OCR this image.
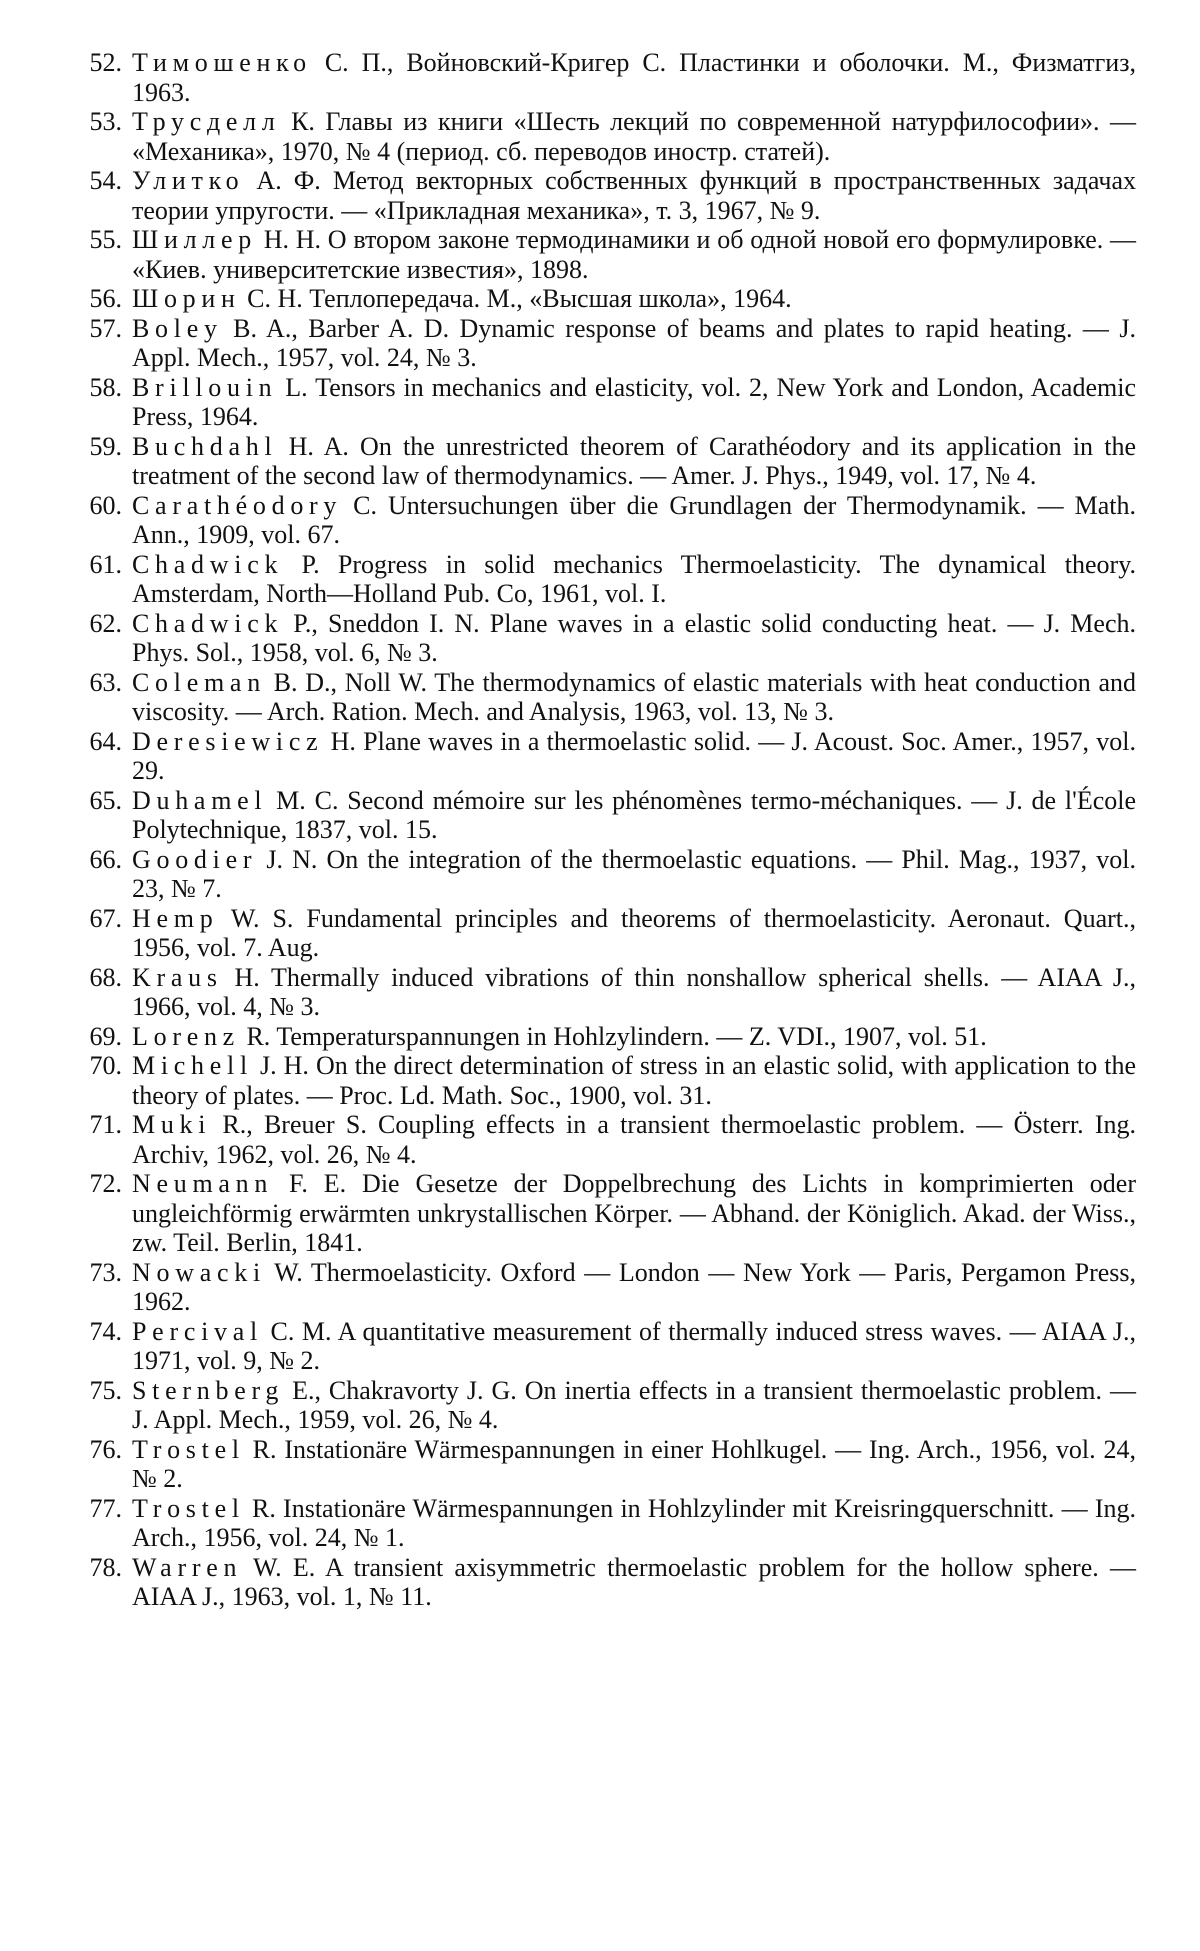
52. Тимошенко С. П., Войновский-Кригер С. Пластинки и оболочки. М., Физматгиз, 1963.
53. Трусделл К. Главы из книги «Шесть лекций по современной натурфилософии». — «Механика», 1970, № 4 (период. сб. переводов иностр. статей).
54. Улитко А. Ф. Метод векторных собственных функций в пространственных задачах теории упругости. — «Прикладная механика», т. 3, 1967, № 9.
55. Шиллер Н. Н. О втором законе термодинамики и об одной новой его формулировке. — «Киев. университетские известия», 1898.
56. Шорин С. Н. Теплопередача. М., «Высшая школа», 1964.
57. Boley B. A., Barber A. D. Dynamic response of beams and plates to rapid heating. — J. Appl. Mech., 1957, vol. 24, № 3.
58. Brillouin L. Tensors in mechanics and elasticity, vol. 2, New York and London, Academic Press, 1964.
59. Buchdahl H. A. On the unrestricted theorem of Carathéodory and its application in the treatment of the second law of thermodynamics. — Amer. J. Phys., 1949, vol. 17, № 4.
60. Carathéodory C. Untersuchungen über die Grundlagen der Thermodynamik. — Math. Ann., 1909, vol. 67.
61. Chadwick P. Progress in solid mechanics Thermoelasticity. The dynamical theory. Amsterdam, North—Holland Pub. Co, 1961, vol. I.
62. Chadwick P., Sneddon I. N. Plane waves in a elastic solid conducting heat. — J. Mech. Phys. Sol., 1958, vol. 6, № 3.
63. Coleman B. D., Noll W. The thermodynamics of elastic materials with heat conduction and viscosity. — Arch. Ration. Mech. and Analysis, 1963, vol. 13, № 3.
64. Deresiewicz H. Plane waves in a thermoelastic solid. — J. Acoust. Soc. Amer., 1957, vol. 29.
65. Duhamel M. C. Second mémoire sur les phénomènes termo-méchaniques. — J. de l'École Polytechnique, 1837, vol. 15.
66. Goodier J. N. On the integration of the thermoelastic equations. — Phil. Mag., 1937, vol. 23, № 7.
67. Hemp W. S. Fundamental principles and theorems of thermoelasticity. Aeronaut. Quart., 1956, vol. 7. Aug.
68. Kraus H. Thermally induced vibrations of thin nonshallow spherical shells. — AIAA J., 1966, vol. 4, № 3.
69. Lorenz R. Temperaturspannungen in Hohlzylindern. — Z. VDI., 1907, vol. 51.
70. Michell J. H. On the direct determination of stress in an elastic solid, with application to the theory of plates. — Proc. Ld. Math. Soc., 1900, vol. 31.
71. Muki R., Breuer S. Coupling effects in a transient thermoelastic problem. — Österr. Ing. Archiv, 1962, vol. 26, № 4.
72. Neumann F. E. Die Gesetze der Doppelbrechung des Lichts in komprimierten oder ungleichförmig erwärmten unkrystallischen Körper. — Abhand. der Königlich. Akad. der Wiss., zw. Teil. Berlin, 1841.
73. Nowacki W. Thermoelasticity. Oxford — London — New York — Paris, Pergamon Press, 1962.
74. Percival C. M. A quantitative measurement of thermally induced stress waves. — AIAA J., 1971, vol. 9, № 2.
75. Sternberg E., Chakravorty J. G. On inertia effects in a transient thermoelastic problem. — J. Appl. Mech., 1959, vol. 26, № 4.
76. Trostel R. Instationäre Wärmespannungen in einer Hohlkugel. — Ing. Arch., 1956, vol. 24, № 2.
77. Trostel R. Instationäre Wärmespannungen in Hohlzylinder mit Kreisringquerschnitt. — Ing. Arch., 1956, vol. 24, № 1.
78. Warren W. E. A transient axisymmetric thermoelastic problem for the hollow sphere. — AIAA J., 1963, vol. 1, № 11.
